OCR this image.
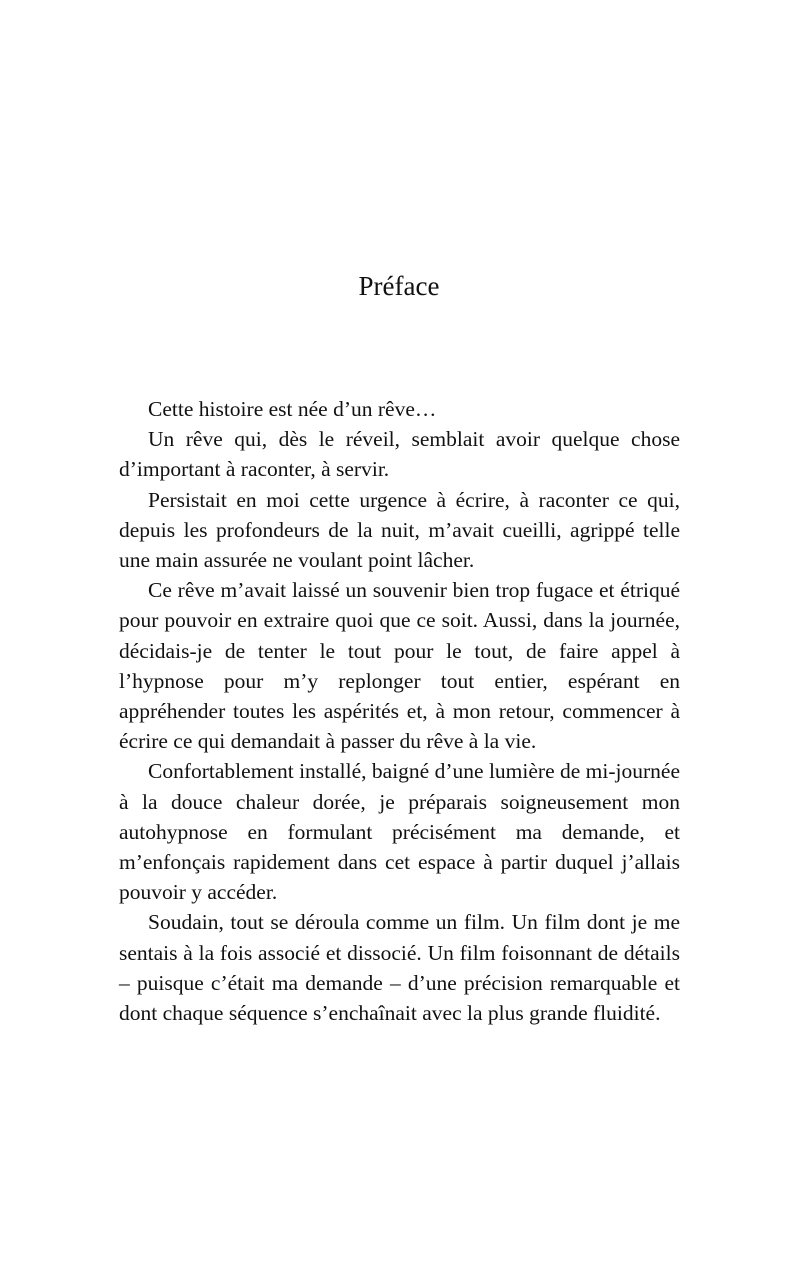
Préface

Cette histoire est née d’un rêve…

Un rêve qui, dès le réveil, semblait avoir quelque chose d’important à raconter, à servir.

Persistait en moi cette urgence à écrire, à raconter ce qui, depuis les profondeurs de la nuit, m’avait cueilli, agrippé telle une main assurée ne voulant point lâcher.

Ce rêve m’avait laissé un souvenir bien trop fugace et étriqué pour pouvoir en extraire quoi que ce soit. Aussi, dans la journée, décidais-je de tenter le tout pour le tout, de faire appel à l’hypnose pour m’y replonger tout entier, espérant en appréhender toutes les aspérités et, à mon retour, commencer à écrire ce qui demandait à passer du rêve à la vie.

Confortablement installé, baigné d’une lumière de mi-journée à la douce chaleur dorée, je préparais soigneusement mon autohypnose en formulant précisément ma demande, et m’enfonçais rapidement dans cet espace à partir duquel j’allais pouvoir y accéder.

Soudain, tout se déroula comme un film. Un film dont je me sentais à la fois associé et dissocié. Un film foisonnant de détails – puisque c’était ma demande – d’une précision remarquable et dont chaque séquence s’enchaînait avec la plus grande fluidité.
